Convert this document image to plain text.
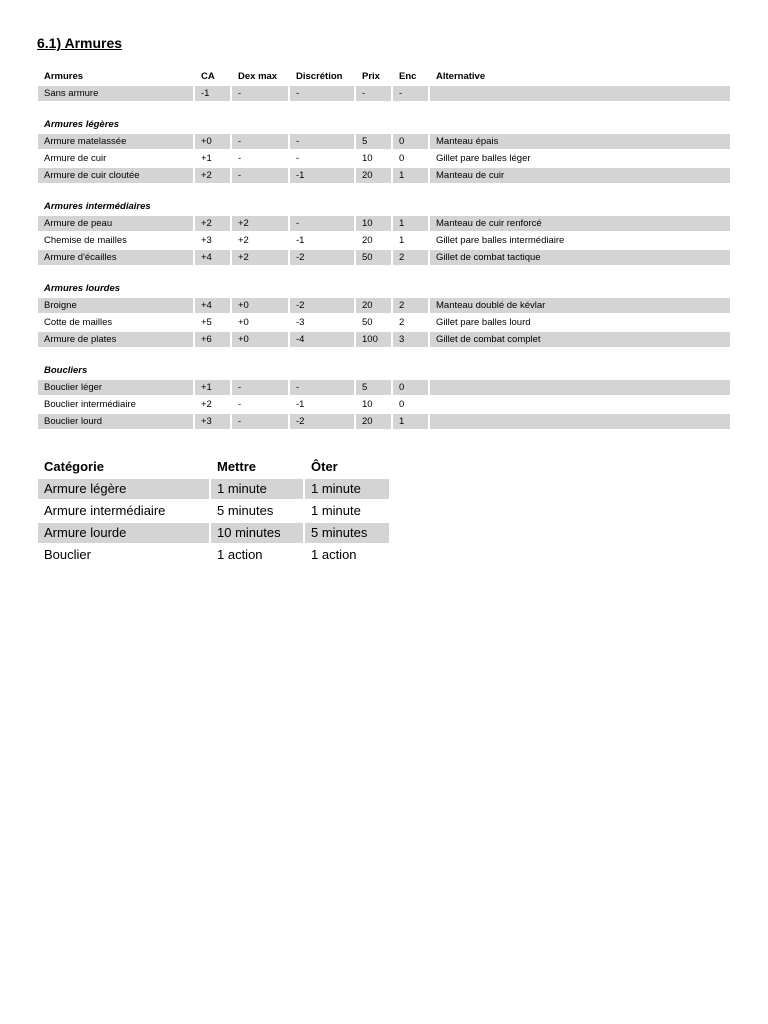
6.1) Armures
Armures	CA	Dex max	Discrétion	Prix	Enc	Alternative
Sans armure	-1	-	-	-	-	

Armures légères						
Armure matelassée	+0	-	-	5	0	Manteau épais
Armure de cuir	+1	-	-	10	0	Gillet pare balles léger
Armure de cuir cloutée	+2	-	-1	20	1	Manteau de cuir

Armures intermédiaires						
Armure de peau	+2	+2	-	10	1	Manteau de cuir renforcé
Chemise de mailles	+3	+2	-1	20	1	Gillet pare balles intermédiaire
Armure d'écailles	+4	+2	-2	50	2	Gillet de combat tactique

Armures lourdes						
Broigne	+4	+0	-2	20	2	Manteau doublé de kévlar
Cotte de mailles	+5	+0	-3	50	2	Gillet pare balles lourd
Armure de plates	+6	+0	-4	100	3	Gillet de combat complet

Boucliers						
Bouclier léger	+1	-	-	5	0	
Bouclier intermédiaire	+2	-	-1	10	0	
Bouclier lourd	+3	-	-2	20	1	
Catégorie	Mettre	Ôter
Armure légère	1 minute	1 minute
Armure intermédiaire	5 minutes	1 minute
Armure lourde	10 minutes	5 minutes
Bouclier	1 action	1 action
